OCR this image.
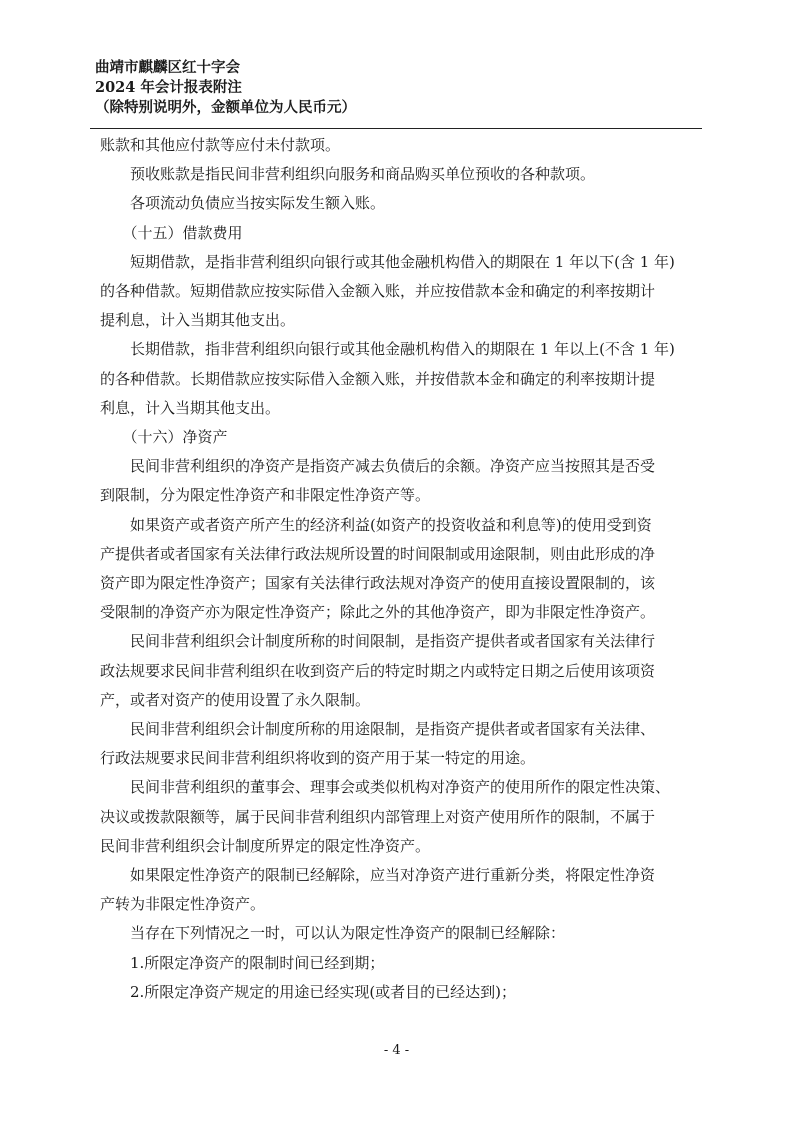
曲靖市麒麟区红十字会
2024 年会计报表附注
（除特别说明外，金额单位为人民币元）

账款和其他应付款等应付未付款项。

　　预收账款是指民间非营利组织向服务和商品购买单位预收的各种款项。

　　各项流动负债应当按实际发生额入账。

　　（十五）借款费用

　　短期借款，是指非营利组织向银行或其他金融机构借入的期限在 1 年以下(含 1 年)
的各种借款。短期借款应按实际借入金额入账，并应按借款本金和确定的利率按期计
提利息，计入当期其他支出。

　　长期借款，指非营利组织向银行或其他金融机构借入的期限在 1 年以上(不含 1 年)
的各种借款。长期借款应按实际借入金额入账，并按借款本金和确定的利率按期计提
利息，计入当期其他支出。

　　（十六）净资产

　　民间非营利组织的净资产是指资产减去负债后的余额。净资产应当按照其是否受
到限制，分为限定性净资产和非限定性净资产等。

　　如果资产或者资产所产生的经济利益(如资产的投资收益和利息等)的使用受到资
产提供者或者国家有关法律行政法规所设置的时间限制或用途限制，则由此形成的净
资产即为限定性净资产；国家有关法律行政法规对净资产的使用直接设置限制的，该
受限制的净资产亦为限定性净资产；除此之外的其他净资产，即为非限定性净资产。

　　民间非营利组织会计制度所称的时间限制，是指资产提供者或者国家有关法律行
政法规要求民间非营利组织在收到资产后的特定时期之内或特定日期之后使用该项资
产，或者对资产的使用设置了永久限制。

　　民间非营利组织会计制度所称的用途限制，是指资产提供者或者国家有关法律、
行政法规要求民间非营利组织将收到的资产用于某一特定的用途。

　　民间非营利组织的董事会、理事会或类似机构对净资产的使用所作的限定性决策、
决议或拨款限额等，属于民间非营利组织内部管理上对资产使用所作的限制，不属于
民间非营利组织会计制度所界定的限定性净资产。

　　如果限定性净资产的限制已经解除，应当对净资产进行重新分类，将限定性净资
产转为非限定性净资产。

　　当存在下列情况之一时，可以认为限定性净资产的限制已经解除：

　　1.所限定净资产的限制时间已经到期；

　　2.所限定净资产规定的用途已经实现(或者目的已经达到)；

- 4 -
